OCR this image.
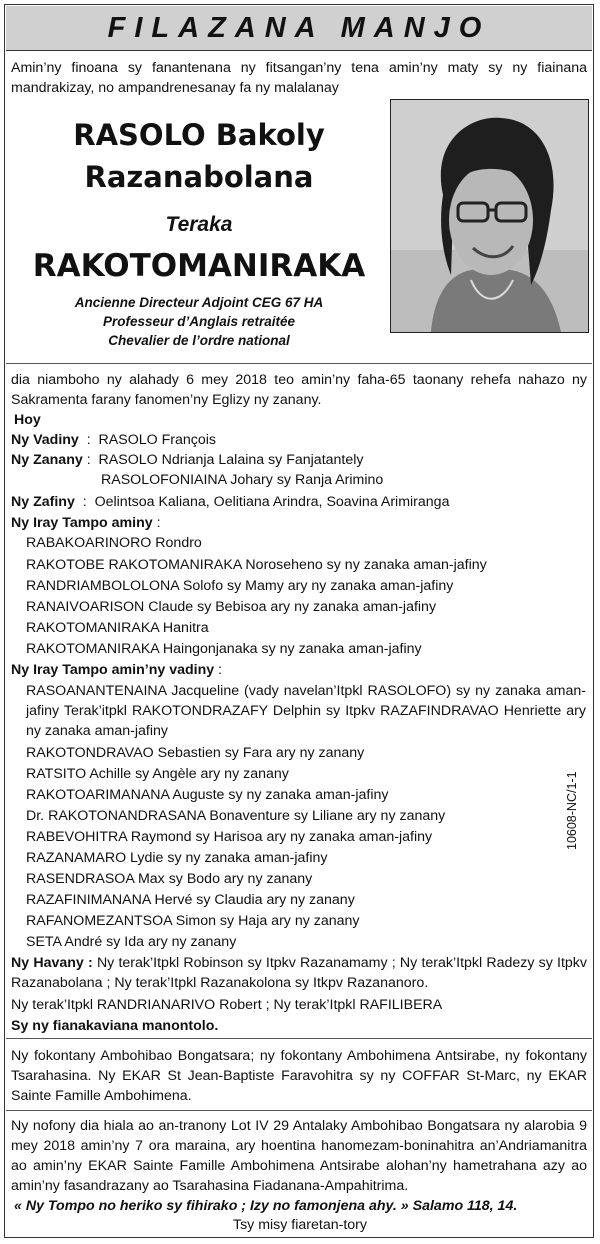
FILAZANA MANJO
Amin’ny finoana sy fanantenana ny fitsangan’ny tena amin’ny maty sy ny fiainana mandrakizay, no ampandrenesanay fa ny malalanay
RASOLO Bakoly
Razanabolana
Teraka
RAKOTOMANIRAKA
Ancienne Directeur Adjoint CEG 67 HA
Professeur d’Anglais retraitée
Chevalier de l’ordre national
dia niamboho ny alahady 6 mey 2018 teo amin’ny faha-65 taonany rehefa nahazo ny Sakramenta farany fanomen’ny Eglizy ny zanany.
Hoy
Ny Vadiny  :  RASOLO François
Ny Zanany :  RASOLO Ndrianja Lalaina sy Fanjatantely
RASOLOFONIAINA Johary sy Ranja Arimino
Ny Zafiny  :  Oelintsoa Kaliana, Oelitiana Arindra, Soavina Arimiranga
Ny Iray Tampo aminy :
RABAKOARINORO Rondro
RAKOTOBE RAKOTOMANIRAKA Noroseheno sy ny zanaka aman-jafiny
RANDRIAMBOLOLONA Solofo sy Mamy ary ny zanaka aman-jafiny
RANAIVOARISON Claude sy Bebisoa ary ny zanaka aman-jafiny
RAKOTOMANIRAKA Hanitra
RAKOTOMANIRAKA Haingonjanaka sy ny zanaka aman-jafiny
Ny Iray Tampo amin’ny vadiny :
RASOANANTENAINA Jacqueline (vady navelan’Itpkl RASOLOFO) sy ny zanaka aman-jafiny Terak’itpkl RAKOTONDRAZAFY Delphin sy Itpkv RAZAFINDRAVAO Henriette ary ny zanaka aman-jafiny
RAKOTONDRAVAO Sebastien sy Fara ary ny zanany
RATSITO Achille sy Angèle ary ny zanany
RAKOTOARIMANANA Auguste sy ny zanaka aman-jafiny
Dr. RAKOTONANDRASANA Bonaventure sy Liliane ary ny zanany
RABEVOHITRA Raymond sy Harisoa ary ny zanaka aman-jafiny
RAZANAMARO Lydie sy ny zanaka aman-jafiny
RASENDRASOA Max sy Bodo ary ny zanany
RAZAFINIMANANA Hervé sy Claudia ary ny zanany
RAFANOMEZANTSOA Simon sy Haja ary ny zanany
SETA André sy Ida ary ny zanany
Ny Havany : Ny terak’Itpkl Robinson sy Itpkv Razanamamy ; Ny terak’Itpkl Radezy sy Itpkv Razanabolana ; Ny terak’Itpkl Razanakolona sy Itkpv Razananoro.
Ny terak’Itpkl RANDRIANARIVO Robert ; Ny terak’Itpkl RAFILIBERA
Sy ny fianakaviana manontolo.
Ny fokontany Ambohibao Bongatsara; ny fokontany Ambohimena Antsirabe, ny fokontany Tsarahasina. Ny EKAR St Jean-Baptiste Faravohitra sy ny COFFAR St-Marc, ny EKAR Sainte Famille Ambohimena.
Ny nofony dia hiala ao an-tranony Lot IV 29 Antalaky Ambohibao Bongatsara ny alarobia 9 mey 2018 amin’ny 7 ora maraina, ary hoentina hanomezam-boninahitra an’Andriamanitra ao amin’ny EKAR Sainte Famille Ambohimena Antsirabe alohan’ny hametrahana azy ao amin’ny fasandrazany ao Tsarahasina Fiadanana-Ampahitrima.
« Ny Tompo no heriko sy fihirako ; Izy no famonjena ahy. » Salamo 118, 14.
Tsy misy fiaretan-tory
10608-NC/1-1
